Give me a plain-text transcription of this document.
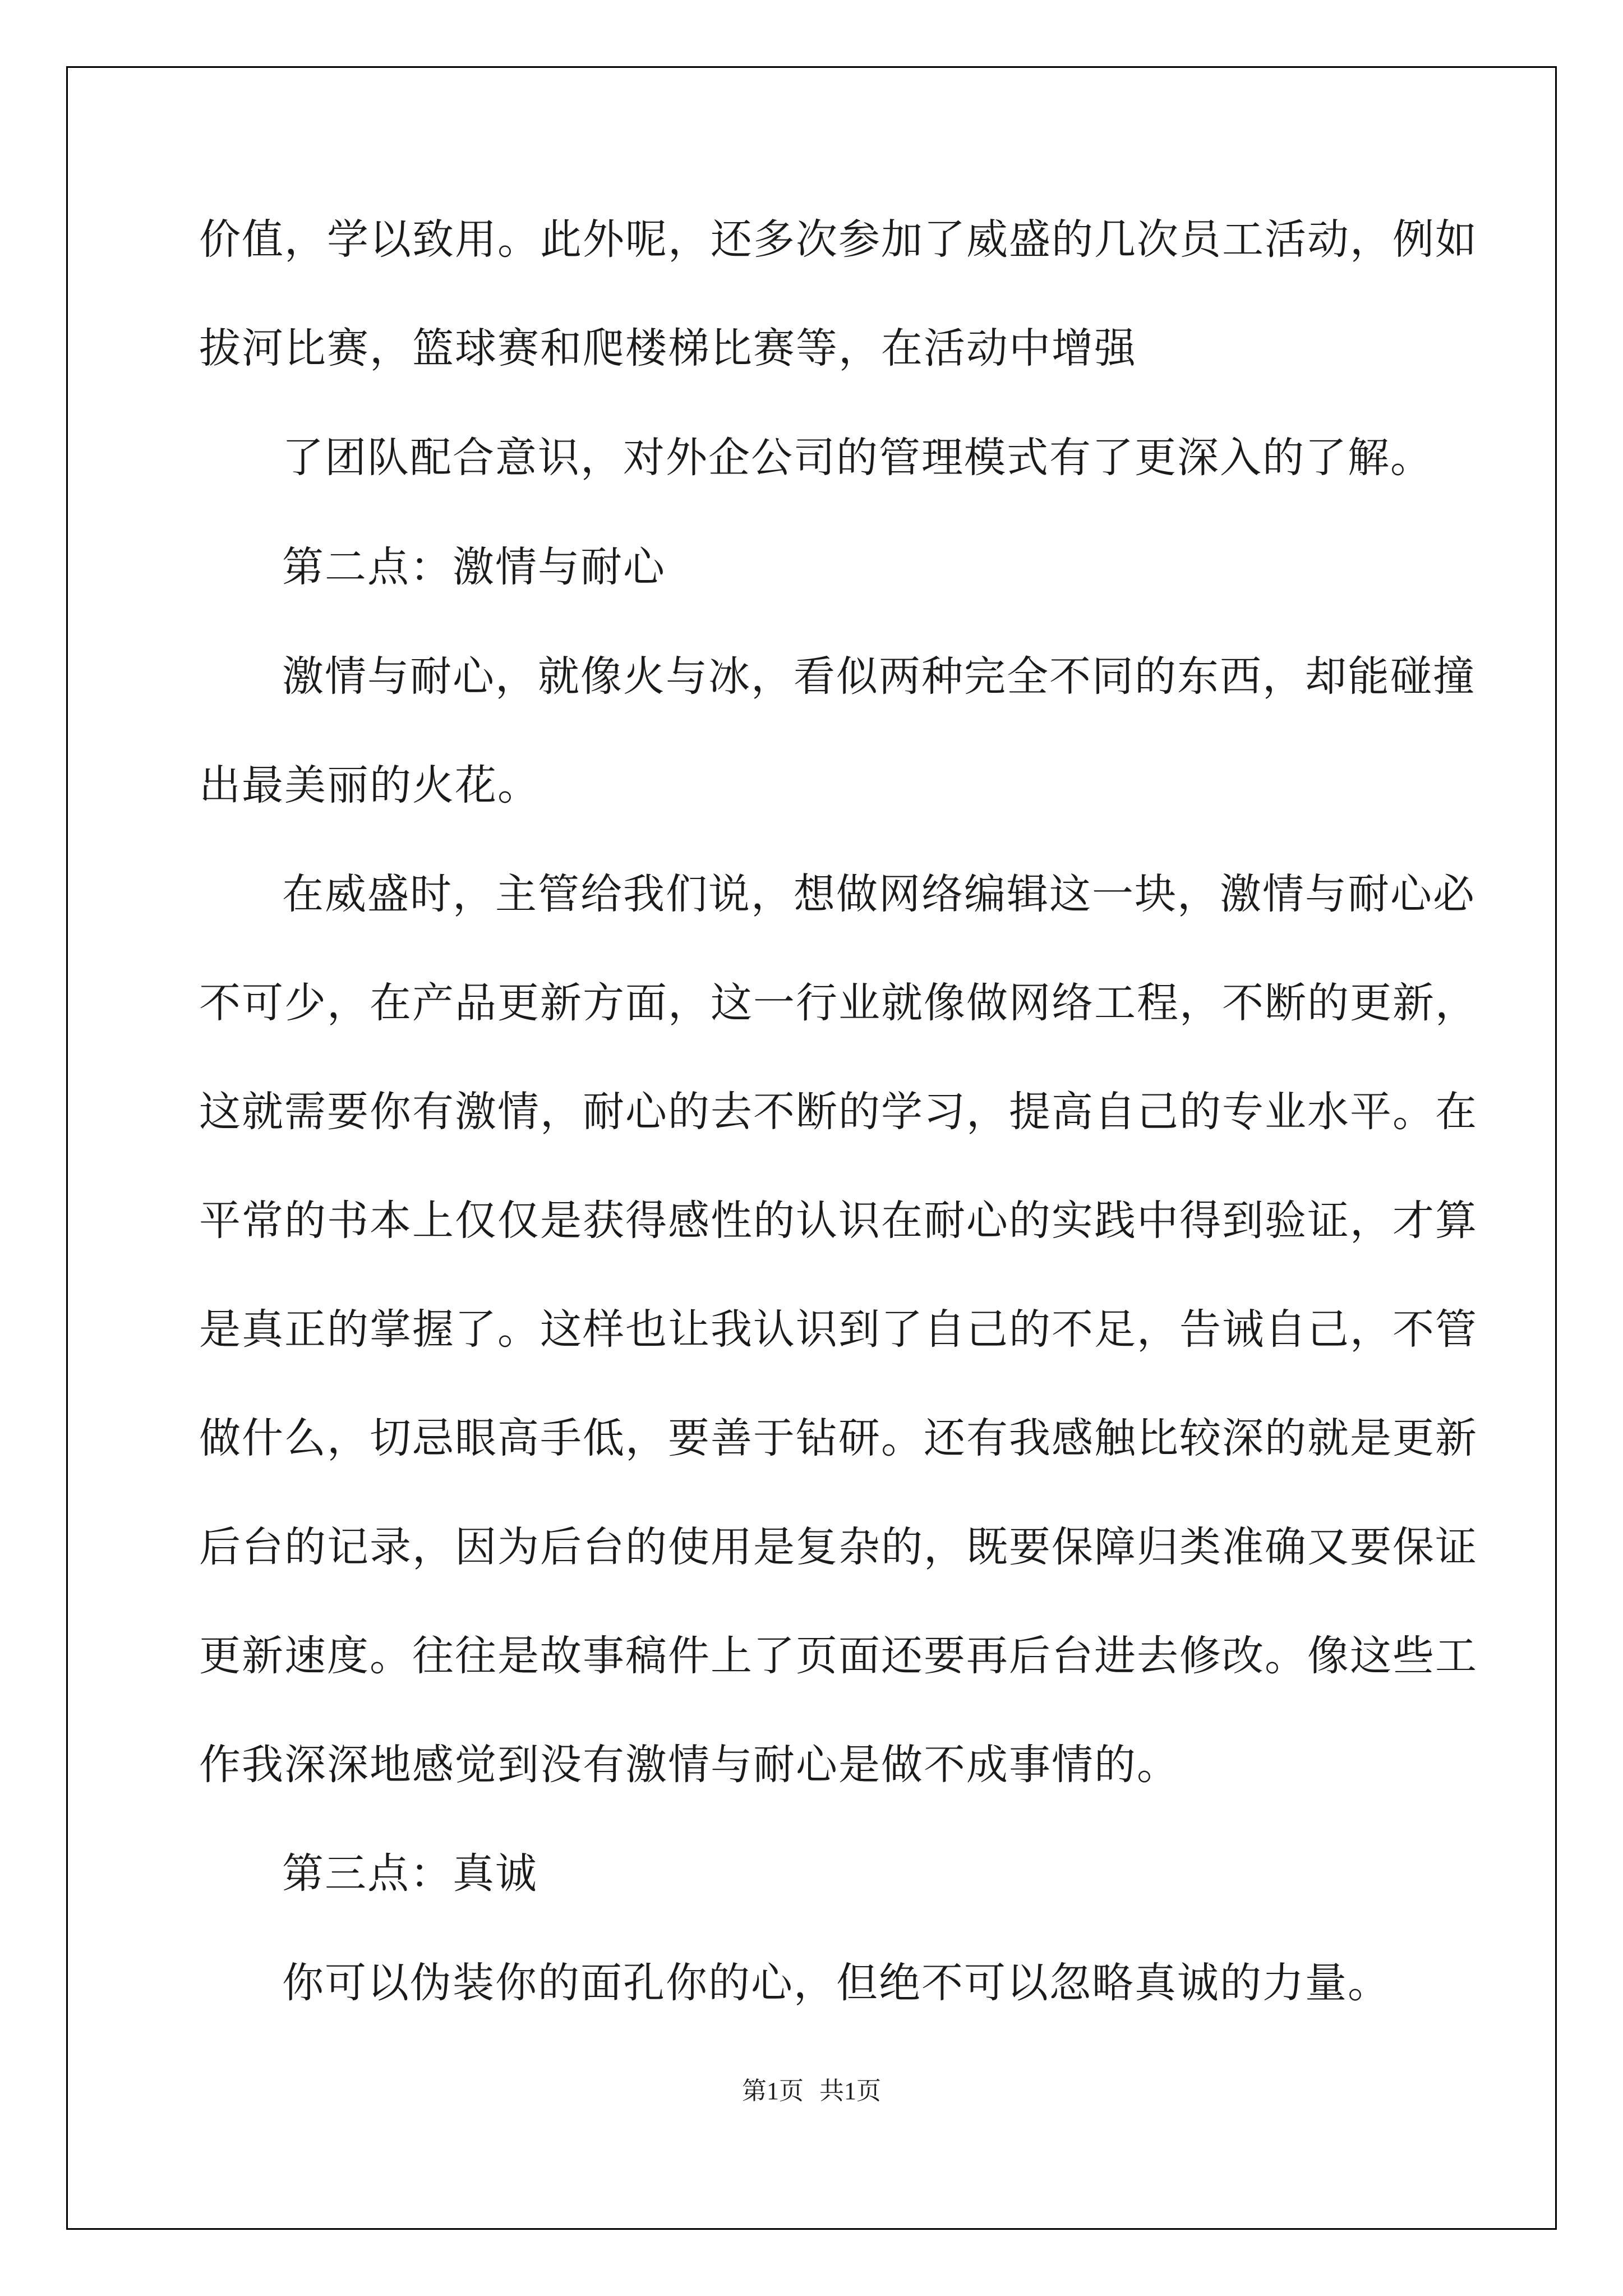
价值，学以致用。此外呢，还多次参加了威盛的几次员工活动，例如
拔河比赛，篮球赛和爬楼梯比赛等，在活动中增强
了团队配合意识，对外企公司的管理模式有了更深入的了解。
第二点：激情与耐心
激情与耐心，就像火与冰，看似两种完全不同的东西，却能碰撞
出最美丽的火花。
在威盛时，主管给我们说，想做网络编辑这一块，激情与耐心必
不可少，在产品更新方面，这一行业就像做网络工程，不断的更新，
这就需要你有激情，耐心的去不断的学习，提高自己的专业水平。在
平常的书本上仅仅是获得感性的认识在耐心的实践中得到验证，才算
是真正的掌握了。这样也让我认识到了自己的不足，告诫自己，不管
做什么，切忌眼高手低，要善于钻研。还有我感触比较深的就是更新
后台的记录，因为后台的使用是复杂的，既要保障归类准确又要保证
更新速度。往往是故事稿件上了页面还要再后台进去修改。像这些工
作我深深地感觉到没有激情与耐心是做不成事情的。
第三点：真诚
你可以伪装你的面孔你的心，但绝不可以忽略真诚的力量。
第1页 共1页
